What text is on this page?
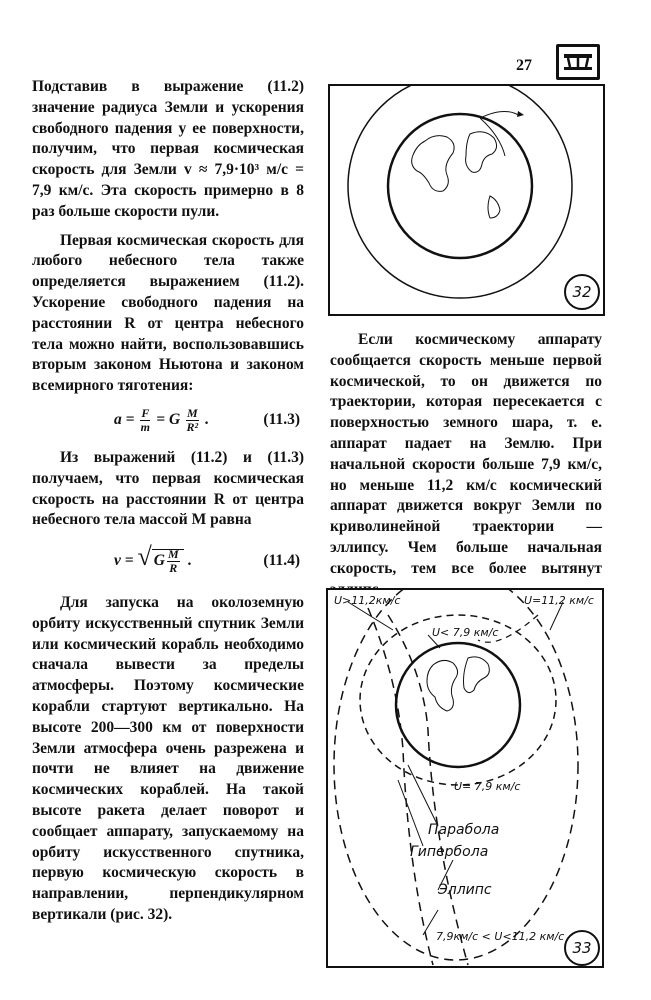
27

Подставив в выражение (11.2) значение радиуса Земли и ускорения свободного падения у ее поверхности, получим, что первая космическая скорость для Земли v ≈ 7,9·10³ м/с = 7,9 км/с. Эта скорость примерно в 8 раз больше скорости пули.

Первая космическая скорость для любого небесного тела также определяется выражением (11.2). Ускорение свободного падения на расстоянии R от центра небесного тела можно найти, воспользовавшись вторым законом Ньютона и законом всемирного тяготения:

$a = \frac{F}{m} = G \frac{M}{\text{R²}}$ .	(11.3)

Из выражений (11.2) и (11.3) получаем, что первая космическая скорость на расстоянии R от центра небесного тела массой M равна

v = √ G $\frac{M}{R}$ .	(11.4)

Для запуска на околоземную орбиту искусственный спутник Земли или космический корабль необходимо сначала вывести за пределы атмосферы. Поэтому космические корабли стартуют вертикально. На высоте 200—300 км от поверхности Земли атмосфера очень разрежена и почти не влияет на движение космических кораблей. На такой высоте ракета делает поворот и сообщает аппарату, запускаемому на орбиту искусственного спутника, первую космическую скорость в направлении, перпендикулярном вертикали (рис. 32).

32

Если космическому аппарату сообщается скорость меньше первой космической, то он движется по траектории, которая пересекается с поверхностью земного шара, т. е. аппарат падает на Землю. При начальной скорости больше 7,9 км/с, но меньше 11,2 км/с космический аппарат движется вокруг Земли по криволинейной траектории — эллипсу. Чем больше начальная скорость, тем все более вытянут

U>11,2км/с	U=11,2 км/с
U< 7,9 км/с
U= 7,9 км/с
Парабола
Гипербола
Эллипс
7,9км/с < U<11,2 км/с
33
